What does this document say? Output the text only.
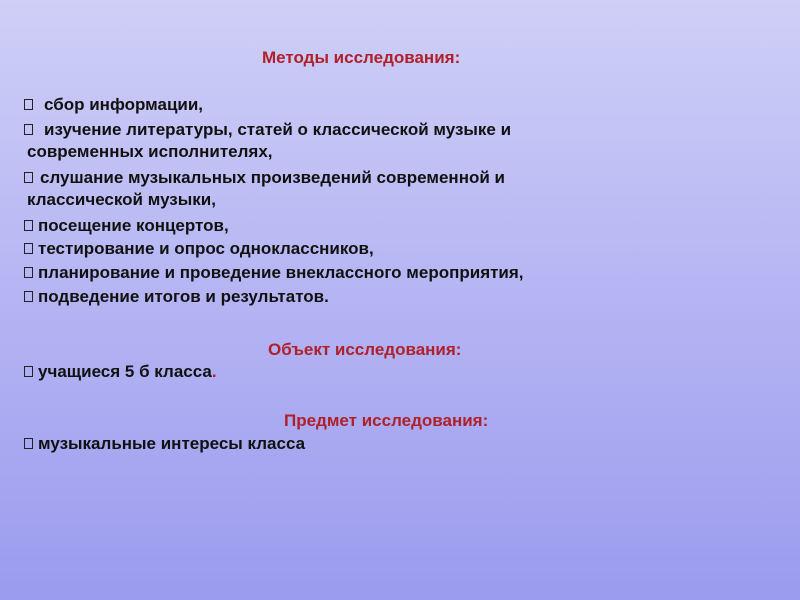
Методы исследования:
сбор информации,
изучение литературы, статей о классической музыке и
современных исполнителях,
слушание музыкальных произведений современной и
классической музыки,
посещение концертов,
тестирование и опрос одноклассников,
планирование и проведение внеклассного мероприятия,
подведение итогов и результатов.
Объект исследования:
учащиеся 5 б класса.
Предмет исследования:
музыкальные интересы класса
